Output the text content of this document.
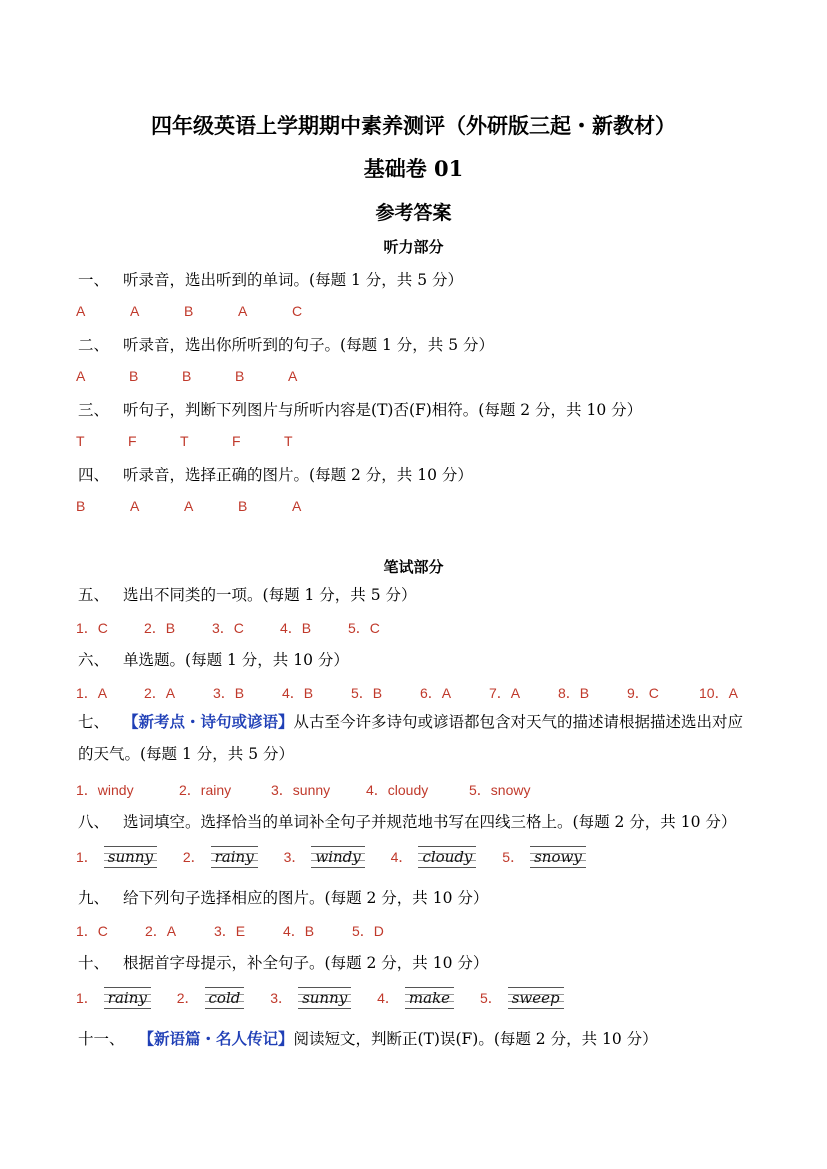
四年级英语上学期期中素养测评（外研版三起・新教材）
基础卷 01
参考答案
听力部分
一、 听录音，选出听到的单词。(每题 1 分，共 5 分）
A	A	B	A	C
二、 听录音，选出你所听到的句子。(每题 1 分，共 5 分）
A	B	B	B	A
三、 听句子，判断下列图片与所听内容是(T)否(F)相符。(每题 2 分，共 10 分）
T	F	T	F	T
四、 听录音，选择正确的图片。(每题 2 分，共 10 分）
B	A	A	B	A
笔试部分
五、 选出不同类的一项。(每题 1 分，共 5 分）
1．C	2．B	3．C	4．B	5．C
六、 单选题。(每题 1 分，共 10 分）
1．A	2．A	3．B	4．B	5．B	6．A	7．A	8．B	9．C	10．A
七、 【新考点・诗句或谚语】从古至今许多诗句或谚语都包含对天气的描述请根据描述选出对应的天气。(每题 1 分，共 5 分）
1．windy	2．rainy	3．sunny	4．cloudy	5．snowy
八、 选词填空。选择恰当的单词补全句子并规范地书写在四线三格上。(每题 2 分，共 10 分）
1． sunny 2． rainy 3． windy 4． cloudy 5． snowy
九、 给下列句子选择相应的图片。(每题 2 分，共 10 分）
1．C	2．A	3．E	4．B	5．D
十、 根据首字母提示，补全句子。(每题 2 分，共 10 分）
1． rainy 2． cold 3． sunny 4． make 5． sweep
十一、 【新语篇・名人传记】阅读短文，判断正(T)误(F)。(每题 2 分，共 10 分）
